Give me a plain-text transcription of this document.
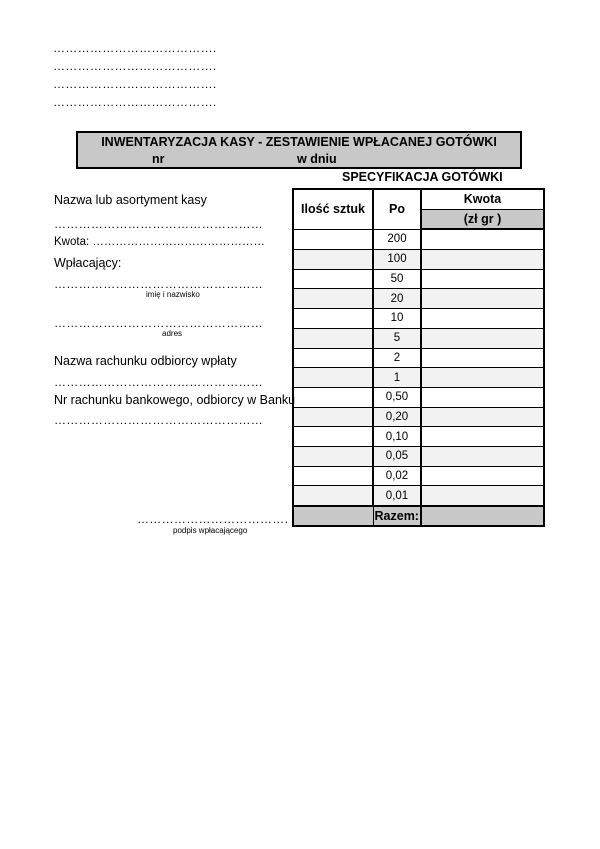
………………………………….
………………………………….
………………………………….
………………………………….
INWENTARYZACJA KASY - ZESTAWIENIE WPŁACANEJ GOTÓWKI
nr	w dniu
SPECYFIKACJA GOTÓWKI
Nazwa lub asortyment kasy
……………………………………………
Kwota: ………………………………………
Wpłacający:
……………………………………………
imię i nazwisko
……………………………………………
adres
Nazwa rachunku odbiorcy wpłaty
……………………………………………
Nr rachunku bankowego, odbiorcy w Banku
……………………………………………
……………………………….
podpis wpłacającego
Ilość sztuk	Po	Kwota
		(zł gr )
	200	
	100	
	50	
	20	
	10	
	5	
	2	
	1	
	0,50	
	0,20	
	0,10	
	0,05	
	0,02	
	0,01	
	Razem:	
